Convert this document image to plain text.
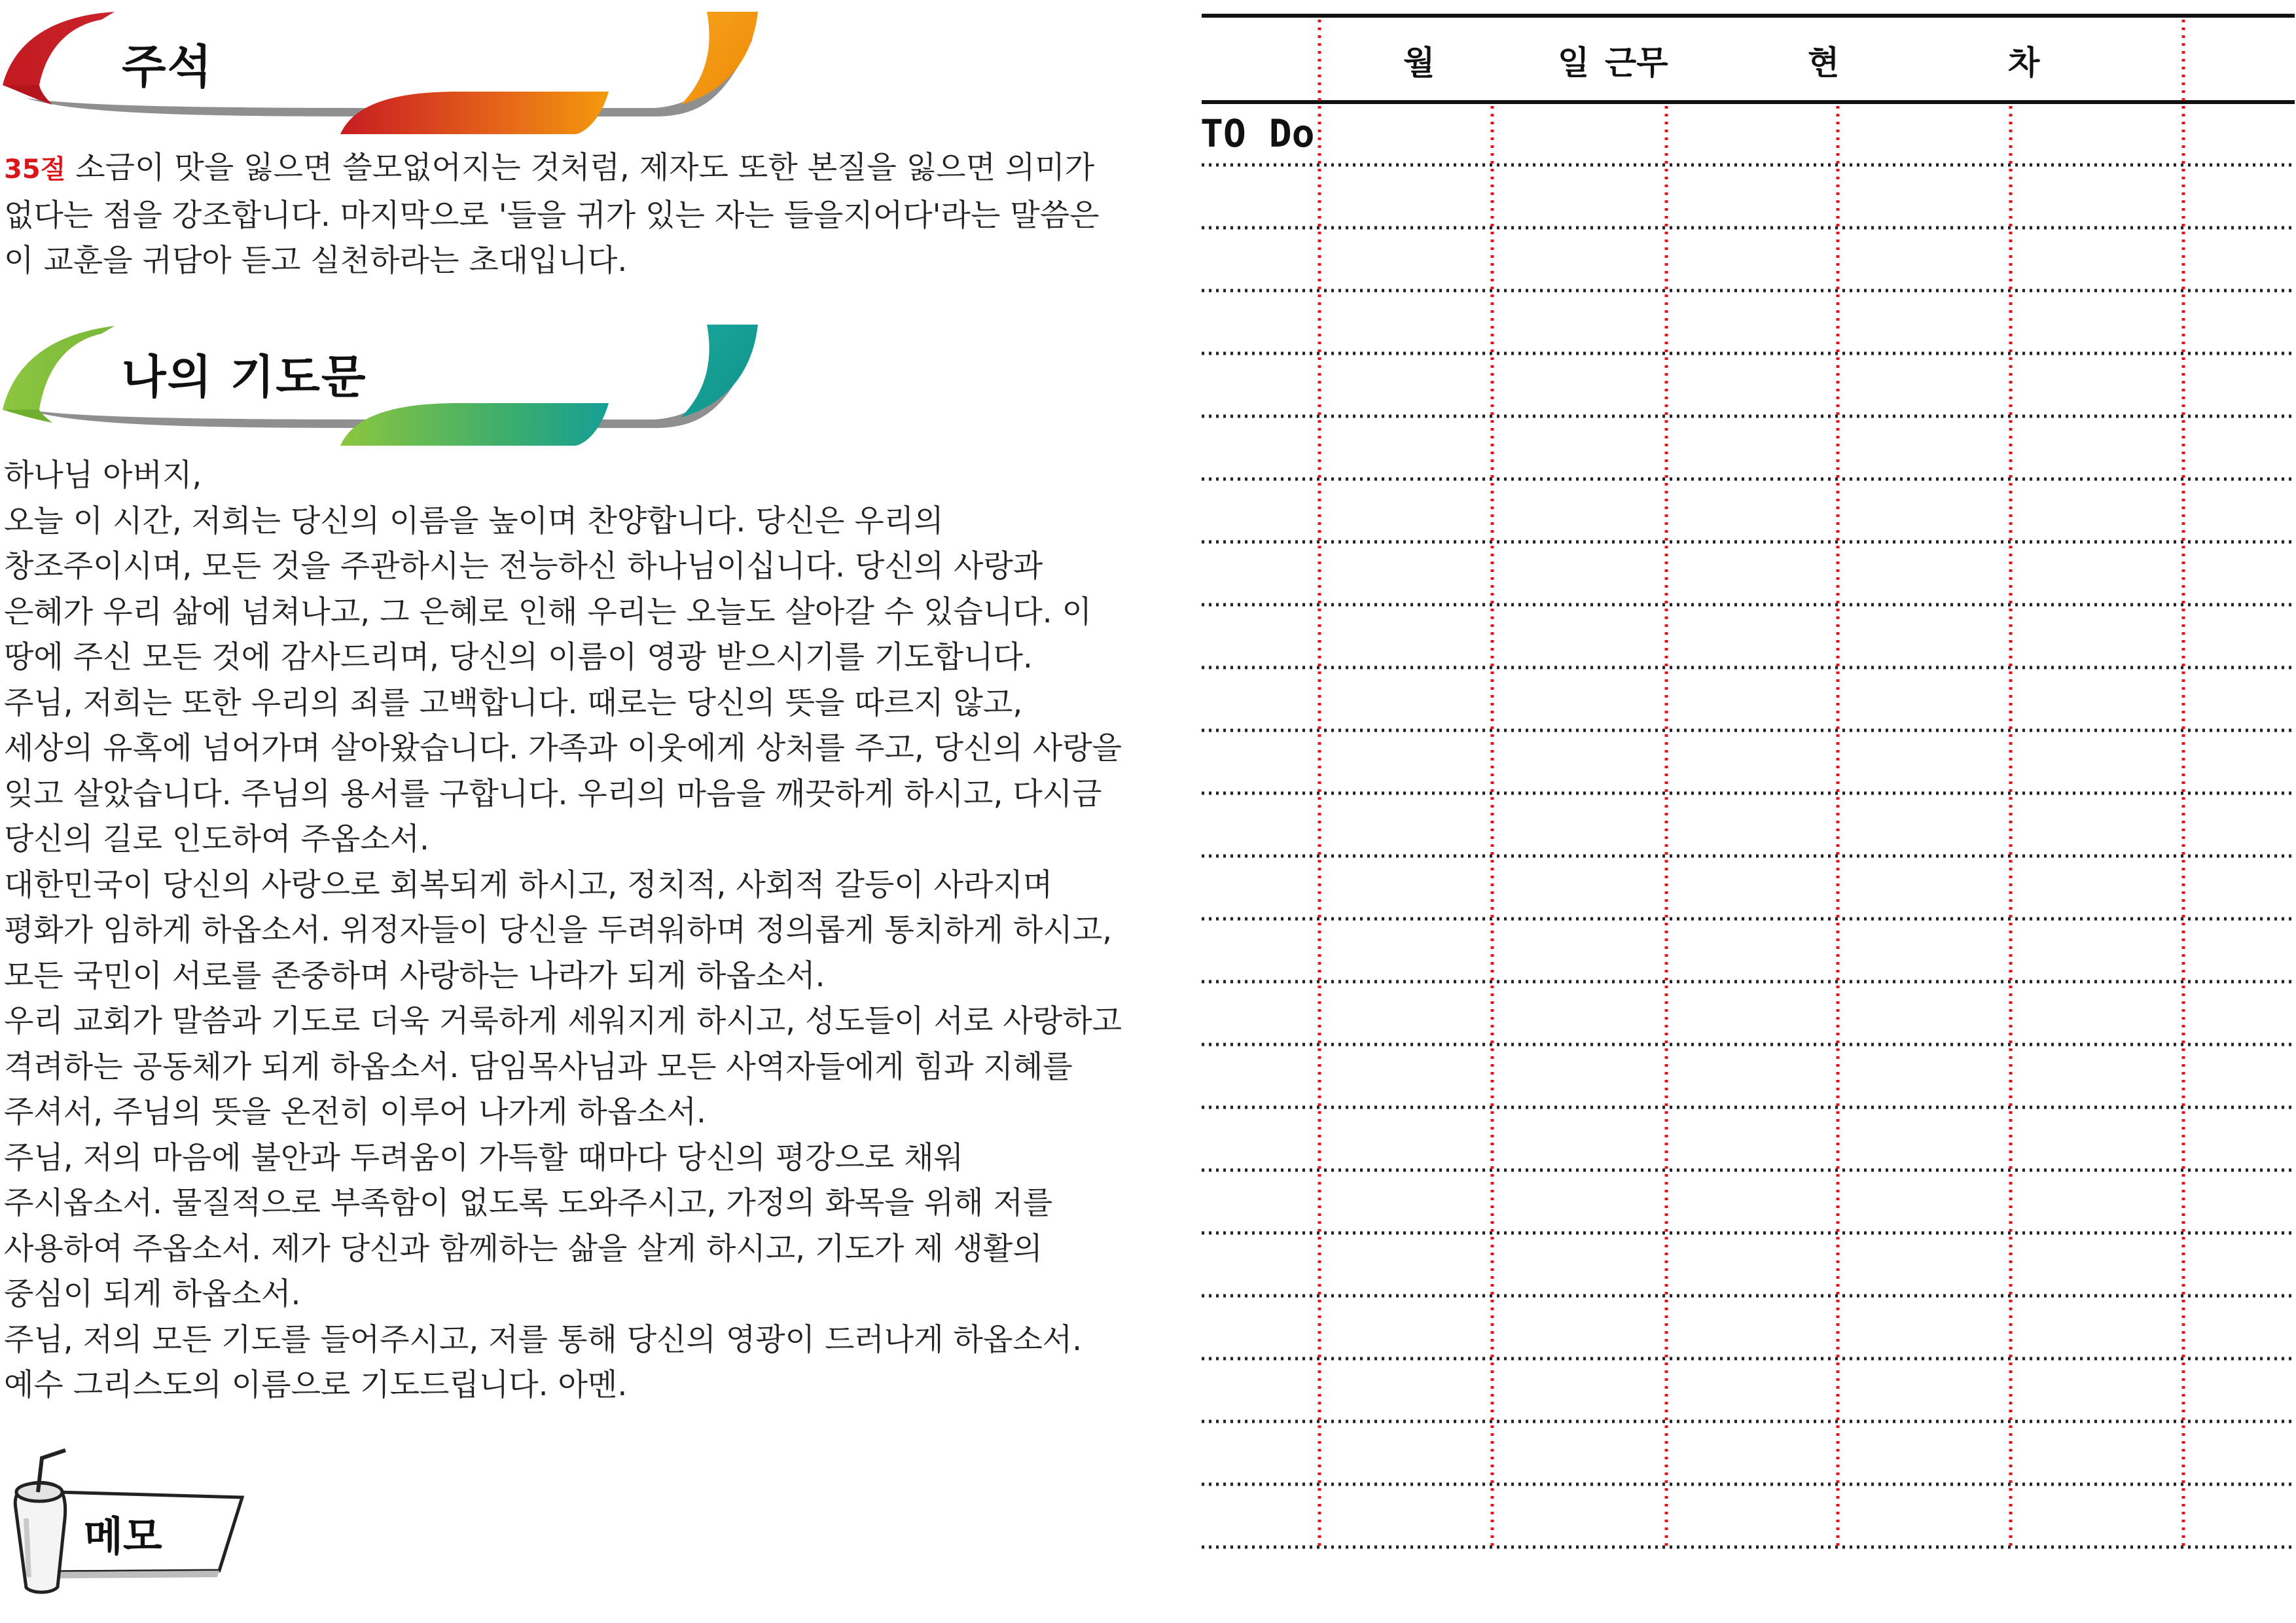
주석
35절 소금이 맛을 잃으면 쓸모없어지는 것처럼, 제자도 또한 본질을 잃으면 의미가
없다는 점을 강조합니다. 마지막으로 '들을 귀가 있는 자는 들을지어다'라는 말씀은
이 교훈을 귀담아 듣고 실천하라는 초대입니다.
나의 기도문
하나님 아버지,
오늘 이 시간, 저희는 당신의 이름을 높이며 찬양합니다. 당신은 우리의
창조주이시며, 모든 것을 주관하시는 전능하신 하나님이십니다. 당신의 사랑과
은혜가 우리 삶에 넘쳐나고, 그 은혜로 인해 우리는 오늘도 살아갈 수 있습니다. 이
땅에 주신 모든 것에 감사드리며, 당신의 이름이 영광 받으시기를 기도합니다.
주님, 저희는 또한 우리의 죄를 고백합니다. 때로는 당신의 뜻을 따르지 않고,
세상의 유혹에 넘어가며 살아왔습니다. 가족과 이웃에게 상처를 주고, 당신의 사랑을
잊고 살았습니다. 주님의 용서를 구합니다. 우리의 마음을 깨끗하게 하시고, 다시금
당신의 길로 인도하여 주옵소서.
대한민국이 당신의 사랑으로 회복되게 하시고, 정치적, 사회적 갈등이 사라지며
평화가 임하게 하옵소서. 위정자들이 당신을 두려워하며 정의롭게 통치하게 하시고,
모든 국민이 서로를 존중하며 사랑하는 나라가 되게 하옵소서.
우리 교회가 말씀과 기도로 더욱 거룩하게 세워지게 하시고, 성도들이 서로 사랑하고
격려하는 공동체가 되게 하옵소서. 담임목사님과 모든 사역자들에게 힘과 지혜를
주셔서, 주님의 뜻을 온전히 이루어 나가게 하옵소서.
주님, 저의 마음에 불안과 두려움이 가득할 때마다 당신의 평강으로 채워
주시옵소서. 물질적으로 부족함이 없도록 도와주시고, 가정의 화목을 위해 저를
사용하여 주옵소서. 제가 당신과 함께하는 삶을 살게 하시고, 기도가 제 생활의
중심이 되게 하옵소서.
주님, 저의 모든 기도를 들어주시고, 저를 통해 당신의 영광이 드러나게 하옵소서.
예수 그리스도의 이름으로 기도드립니다. 아멘.
메모
월	일 근무	현	차
TO Do
